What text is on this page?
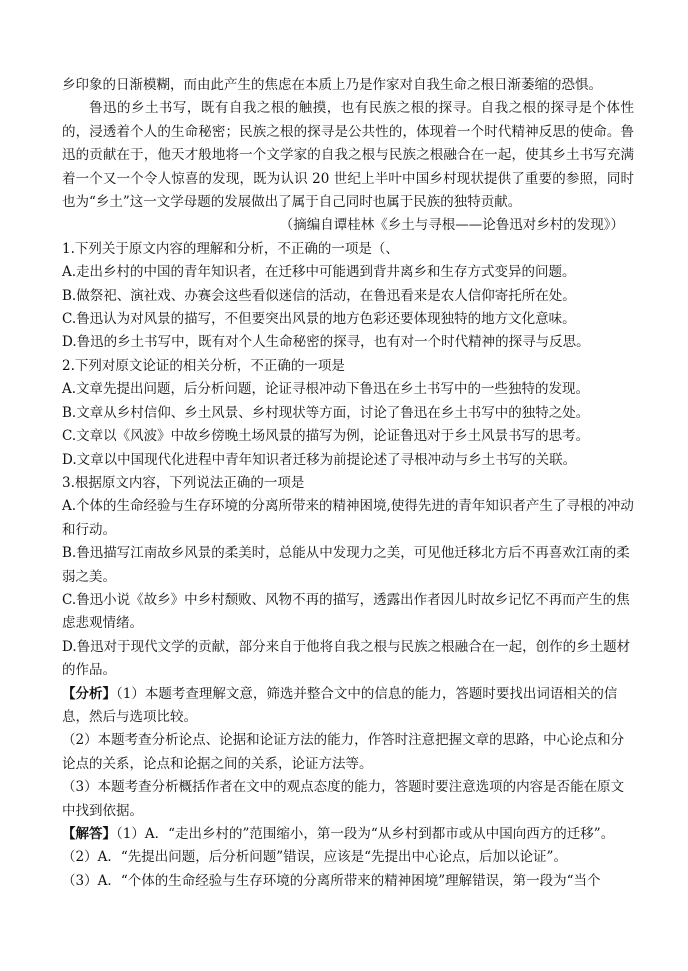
乡印象的日渐模糊，而由此产生的焦虑在本质上乃是作家对自我生命之根日渐萎缩的恐惧。

鲁迅的乡土书写，既有自我之根的触摸，也有民族之根的探寻。自我之根的探寻是个体性的，浸透着个人的生命秘密；民族之根的探寻是公共性的，体现着一个时代精神反思的使命。鲁迅的贡献在于，他天才般地将一个文学家的自我之根与民族之根融合在一起，使其乡土书写充满着一个又一个令人惊喜的发现，既为认识 20 世纪上半叶中国乡村现状提供了重要的参照，同时也为“乡土”这一文学母题的发展做出了属于自己同时也属于民族的独特贡献。

（摘编自谭桂林《乡土与寻根——论鲁迅对乡村的发现》）

1.下列关于原文内容的理解和分析，不正确的一项是（、

A.走出乡村的中国的青年知识者，在迁移中可能遇到背井离乡和生存方式变异的问题。

B.做祭祀、演社戏、办赛会这些看似迷信的活动，在鲁迅看来是农人信仰寄托所在处。

C.鲁迅认为对风景的描写，不但要突出风景的地方色彩还要体现独特的地方文化意味。

D.鲁迅的乡土书写中，既有对个人生命秘密的探寻，也有对一个时代精神的探寻与反思。

2.下列对原文论证的相关分析，不正确的一项是

A.文章先提出问题，后分析问题，论证寻根冲动下鲁迅在乡土书写中的一些独特的发现。

B.文章从乡村信仰、乡土风景、乡村现状等方面，讨论了鲁迅在乡土书写中的独特之处。

C.文章以《风波》中故乡傍晚土场风景的描写为例，论证鲁迅对于乡土风景书写的思考。

D.文章以中国现代化进程中青年知识者迁移为前提论述了寻根冲动与乡土书写的关联。

3.根据原文内容，下列说法正确的一项是

A.个体的生命经验与生存环境的分离所带来的精神困境,使得先进的青年知识者产生了寻根的冲动和行动。

B.鲁迅描写江南故乡风景的柔美时，总能从中发现力之美，可见他迁移北方后不再喜欢江南的柔弱之美。

C.鲁迅小说《故乡》中乡村颓败、风物不再的描写，透露出作者因儿时故乡记忆不再而产生的焦虑悲观情绪。

D.鲁迅对于现代文学的贡献，部分来自于他将自我之根与民族之根融合在一起，创作的乡土题材的作品。

【分析】（1）本题考查理解文意，筛选并整合文中的信息的能力，答题时要找出词语相关的信息，然后与选项比较。

（2）本题考查分析论点、论据和论证方法的能力，作答时注意把握文章的思路，中心论点和分论点的关系，论点和论据之间的关系，论证方法等。

（3）本题考查分析概括作者在文中的观点态度的能力，答题时要注意选项的内容是否能在原文中找到依据。

【解答】（1）A．“走出乡村的”范围缩小，第一段为“从乡村到都市或从中国向西方的迁移”。

（2）A．“先提出问题，后分析问题”错误，应该是“先提出中心论点，后加以论证”。

（3）A．“个体的生命经验与生存环境的分离所带来的精神困境”理解错误，第一段为“当个
